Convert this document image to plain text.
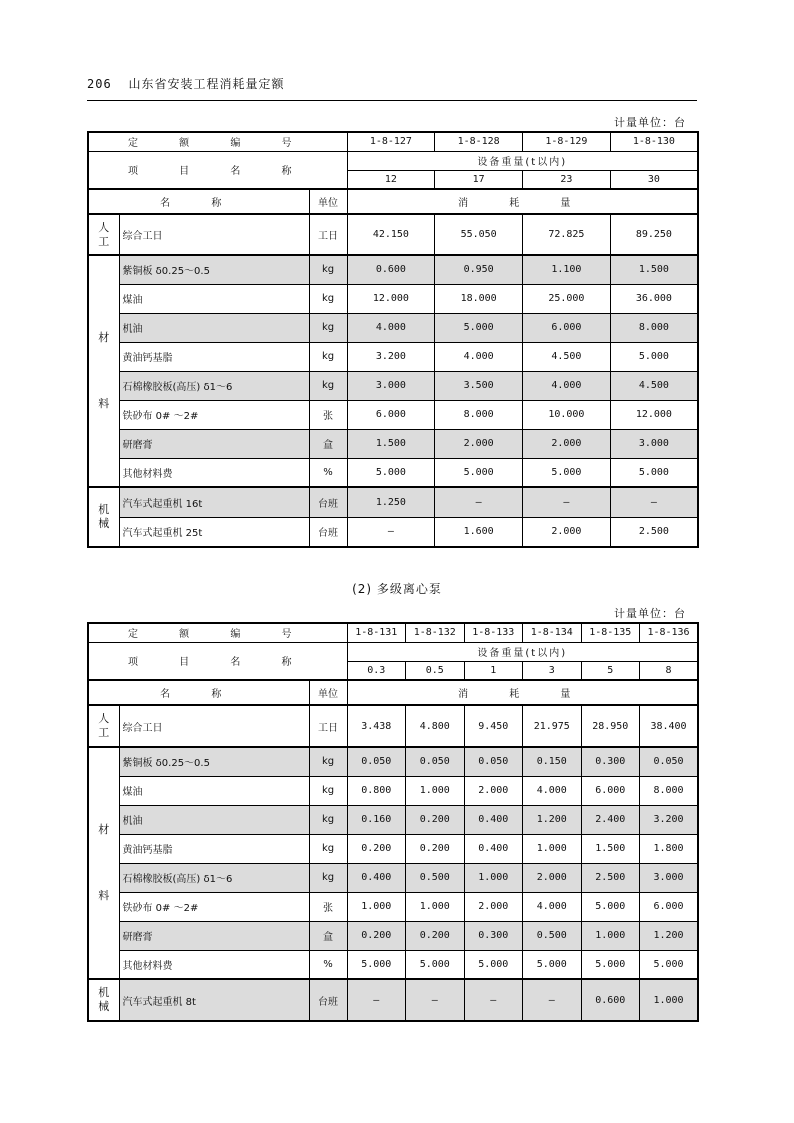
206 山东省安装工程消耗量定额
计量单位：台
定 额 编 号			1-8-127	1-8-128	1-8-129	1-8-130
项 目 名 称			设备重量(t以内)			
			12	17	23	30
名 称		单位	消 耗 量			
人工	综合工日	工日	42.150	55.050	72.825	89.250

材
料	紫铜板 δ0.25～0.5	kg	0.600	0.950	1.100	1.500
	煤油	kg	12.000	18.000	25.000	36.000
	机油	kg	4.000	5.000	6.000	8.000
	黄油钙基脂	kg	3.200	4.000	4.500	5.000
	石棉橡胶板(高压) δ1～6	kg	3.000	3.500	4.000	4.500
	铁砂布 0# ～2#	张	6.000	8.000	10.000	12.000
	研磨膏	盒	1.500	2.000	2.000	3.000
	其他材料费	%	5.000	5.000	5.000	5.000
机械	汽车式起重机 16t	台班	1.250	—	—	—
	汽车式起重机 25t	台班	—	1.600	2.000	2.500
(2) 多级离心泵
计量单位：台
定 额 编 号			1-8-131	1-8-132	1-8-133	1-8-134	1-8-135	1-8-136
项 目 名 称			设备重量(t以内)					
			0.3	0.5	1	3	5	8
名 称		单位	消 耗 量					
人工	综合工日	工日	3.438	4.800	9.450	21.975	28.950	38.400

材
料	紫铜板 δ0.25～0.5	kg	0.050	0.050	0.050	0.150	0.300	0.050
	煤油	kg	0.800	1.000	2.000	4.000	6.000	8.000
	机油	kg	0.160	0.200	0.400	1.200	2.400	3.200
	黄油钙基脂	kg	0.200	0.200	0.400	1.000	1.500	1.800
	石棉橡胶板(高压) δ1～6	kg	0.400	0.500	1.000	2.000	2.500	3.000
	铁砂布 0# ～2#	张	1.000	1.000	2.000	4.000	5.000	6.000
	研磨膏	盒	0.200	0.200	0.300	0.500	1.000	1.200
	其他材料费	%	5.000	5.000	5.000	5.000	5.000	5.000
机械	汽车式起重机 8t	台班	—	—	—	—	0.600	1.000
